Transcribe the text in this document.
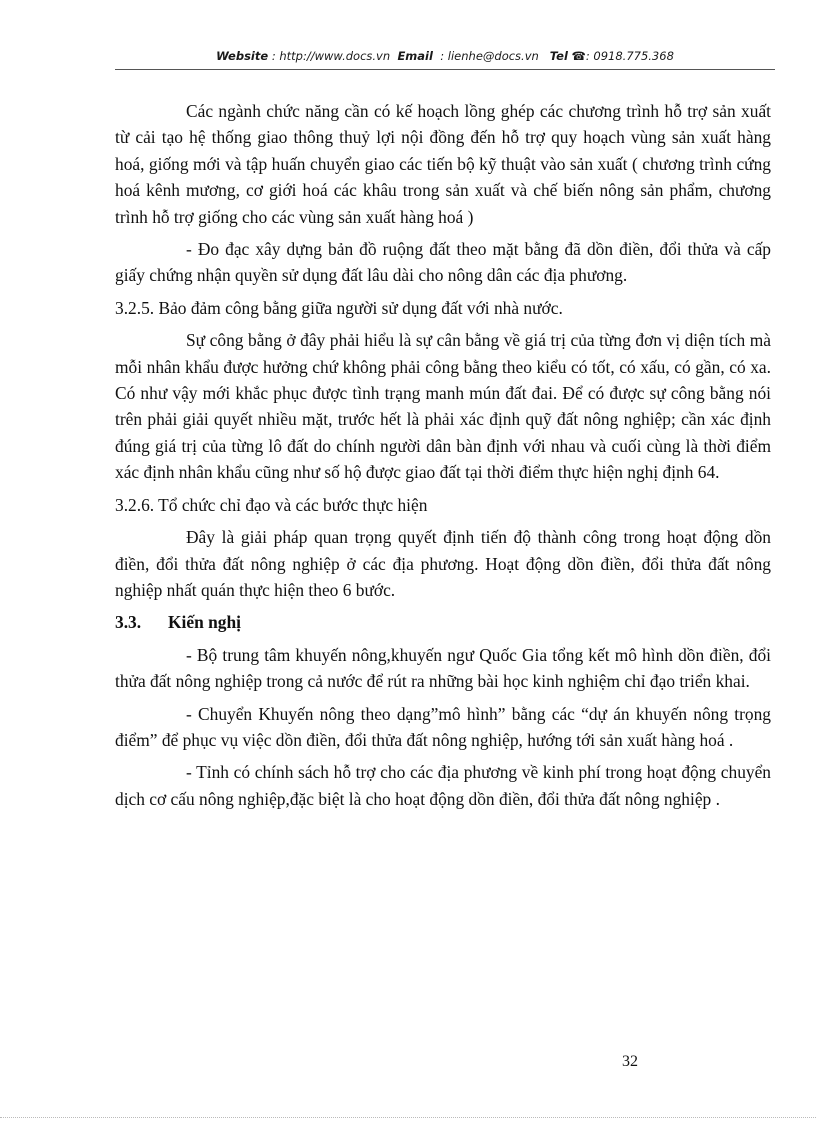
Website : http://www.docs.vn Email : lienhe@docs.vn Tel ☎: 0918.775.368

Các ngành chức năng cần có kế hoạch lồng ghép các chương trình hỗ trợ sản xuất từ cải tạo hệ thống giao thông thuỷ lợi nội đồng đến hỗ trợ quy hoạch vùng sản xuất hàng hoá, giống mới và tập huấn chuyển giao các tiến bộ kỹ thuật vào sản xuất ( chương trình cứng hoá kênh mương, cơ giới hoá các khâu trong sản xuất và chế biến nông sản phẩm, chương trình hỗ trợ giống cho các vùng sản xuất hàng hoá )

- Đo đạc xây dựng bản đồ ruộng đất theo mặt bằng đã dồn điền, đổi thửa và cấp giấy chứng nhận quyền sử dụng đất lâu dài cho nông dân các địa phương.

3.2.5. Bảo đảm công bằng giữa người sử dụng đất với nhà nước.

Sự công bằng ở đây phải hiểu là sự cân bằng về giá trị của từng đơn vị diện tích mà mỗi nhân khẩu được hưởng chứ không phải công bằng theo kiểu có tốt, có xấu, có gần, có xa. Có như vậy mới khắc phục được tình trạng manh mún đất đai. Để có được sự công bằng nói trên phải giải quyết nhiều mặt, trước hết là phải xác định quỹ đất nông nghiệp; cần xác định đúng giá trị của từng lô đất do chính người dân bàn định với nhau và cuối cùng là thời điểm xác định nhân khẩu cũng như số hộ được giao đất tại thời điểm thực hiện nghị định 64.

3.2.6. Tổ chức chỉ đạo và các bước thực hiện

Đây là giải pháp quan trọng quyết định tiến độ thành công trong hoạt động dồn điền, đổi thửa đất nông nghiệp ở các địa phương. Hoạt động dồn điền, đổi thửa đất nông nghiệp nhất quán thực hiện theo 6 bước.

3.3. Kiến nghị

- Bộ trung tâm khuyến nông,khuyến ngư Quốc Gia tổng kết mô hình dồn điền, đổi thửa đất nông nghiệp trong cả nước để rút ra những bài học kinh nghiệm chỉ đạo triển khai.

- Chuyển Khuyến nông theo dạng”mô hình” bằng các “dự án khuyến nông trọng điểm” để phục vụ việc dồn điền, đổi thửa đất nông nghiệp, hướng tới sản xuất hàng hoá .

- Tỉnh có chính sách hỗ trợ cho các địa phương về kinh phí trong hoạt động chuyển dịch cơ cấu nông nghiệp,đặc biệt là cho hoạt động dồn điền, đổi thửa đất nông nghiệp .

32
